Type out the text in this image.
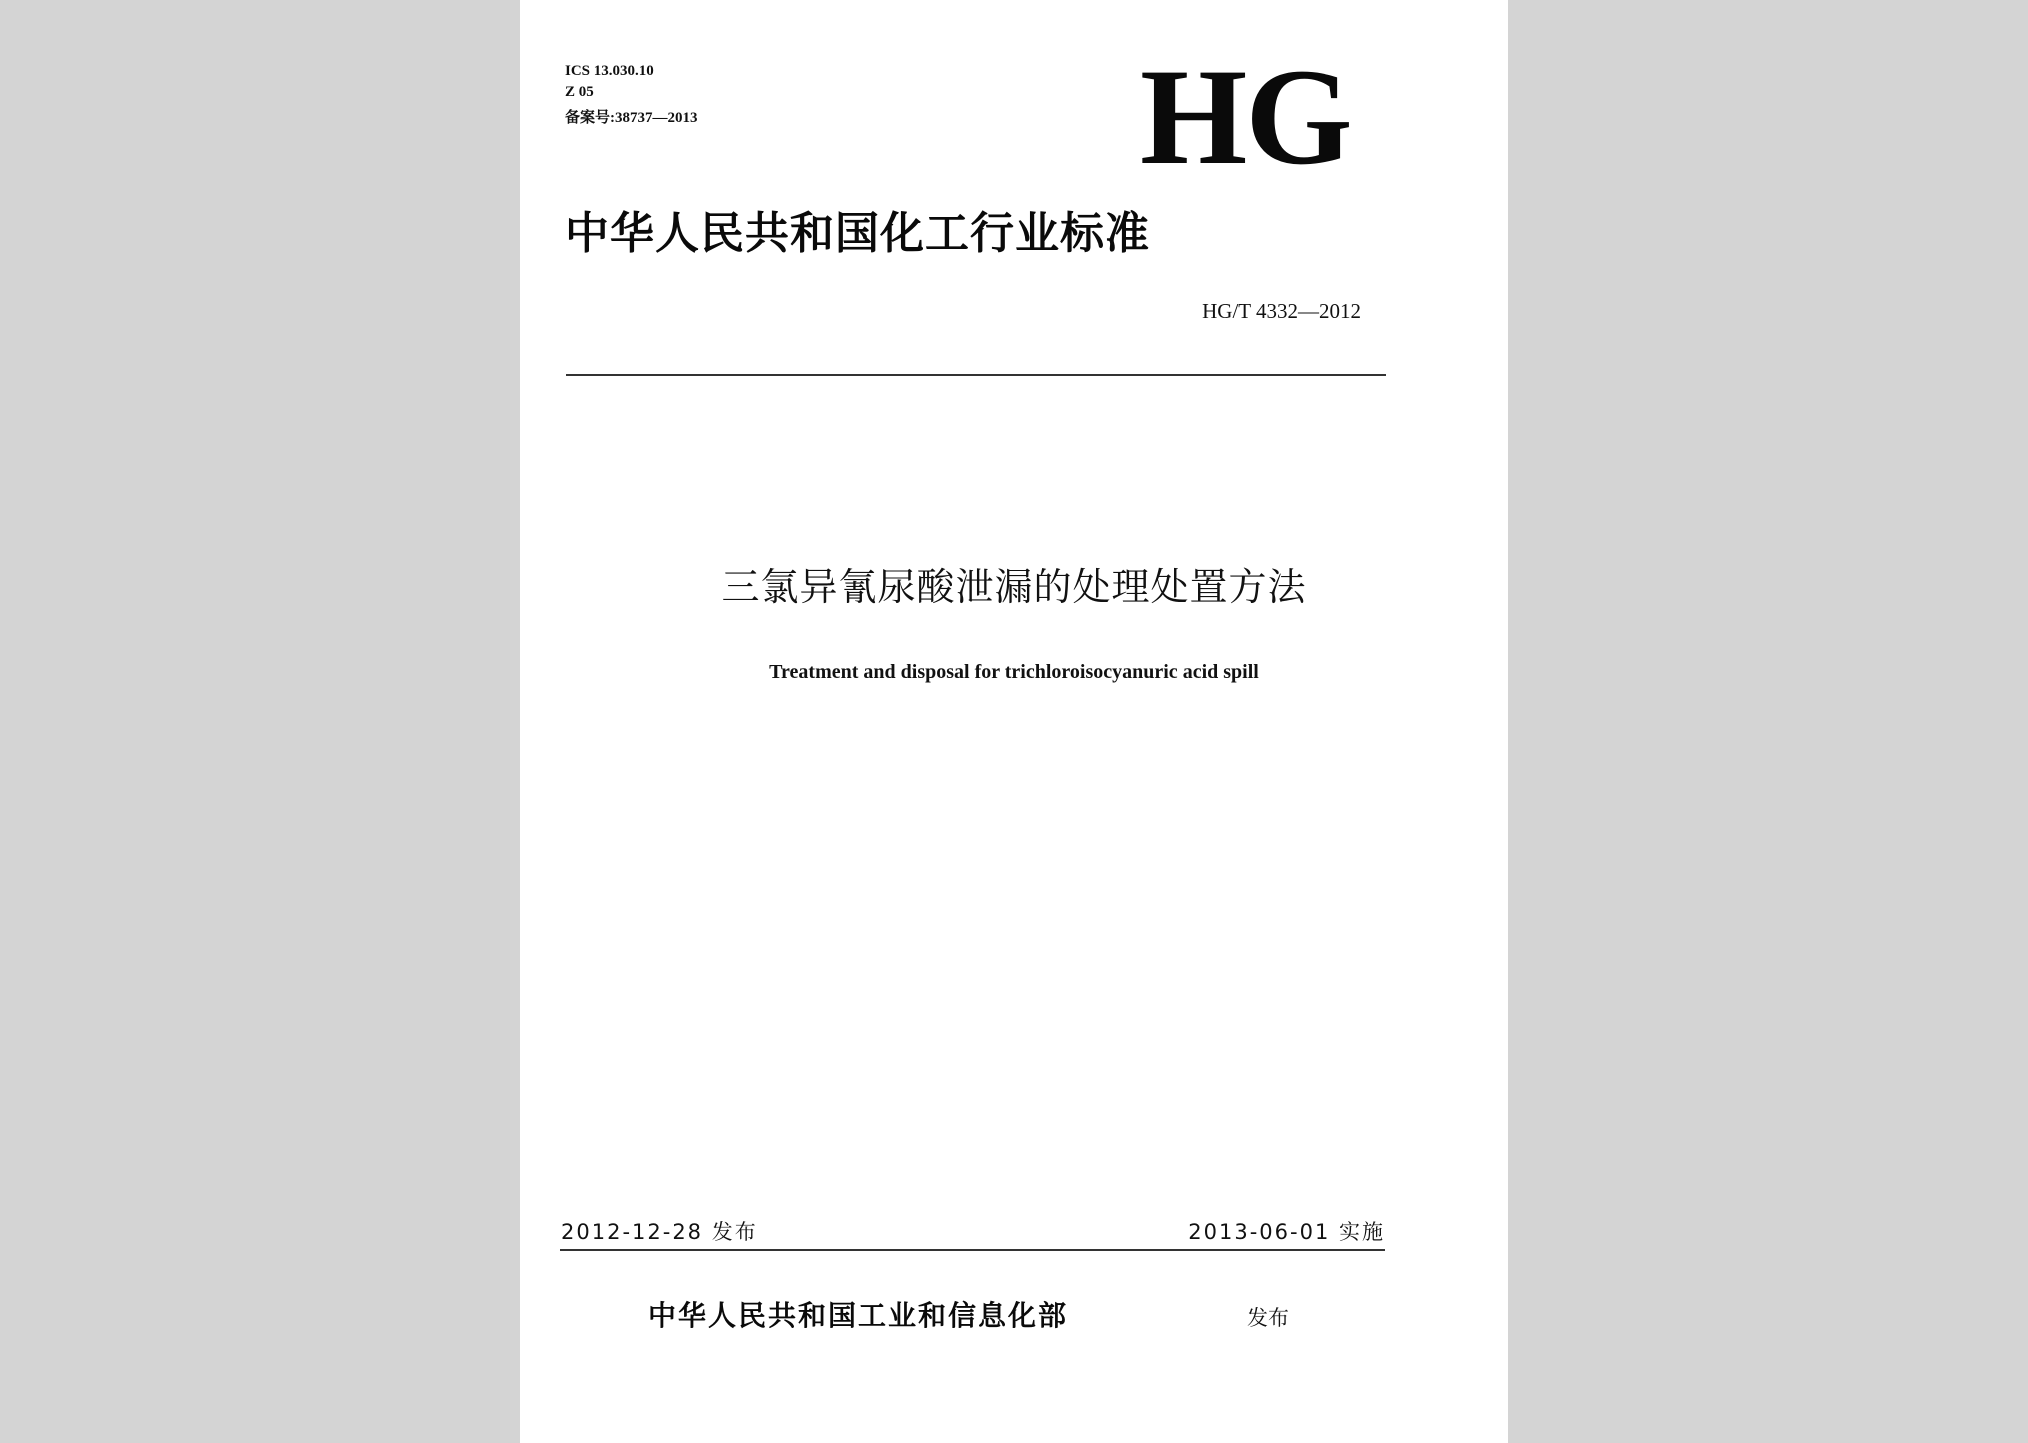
ICS 13.030.10
Z 05
备案号:38737—2013	HG
中华人民共和国化工行业标准
HG/T 4332—2012
三氯异氰尿酸泄漏的处理处置方法
Treatment and disposal for trichloroisocyanuric acid spill
2012-12-28 发布	2013-06-01 实施
中华人民共和国工业和信息化部	发布
